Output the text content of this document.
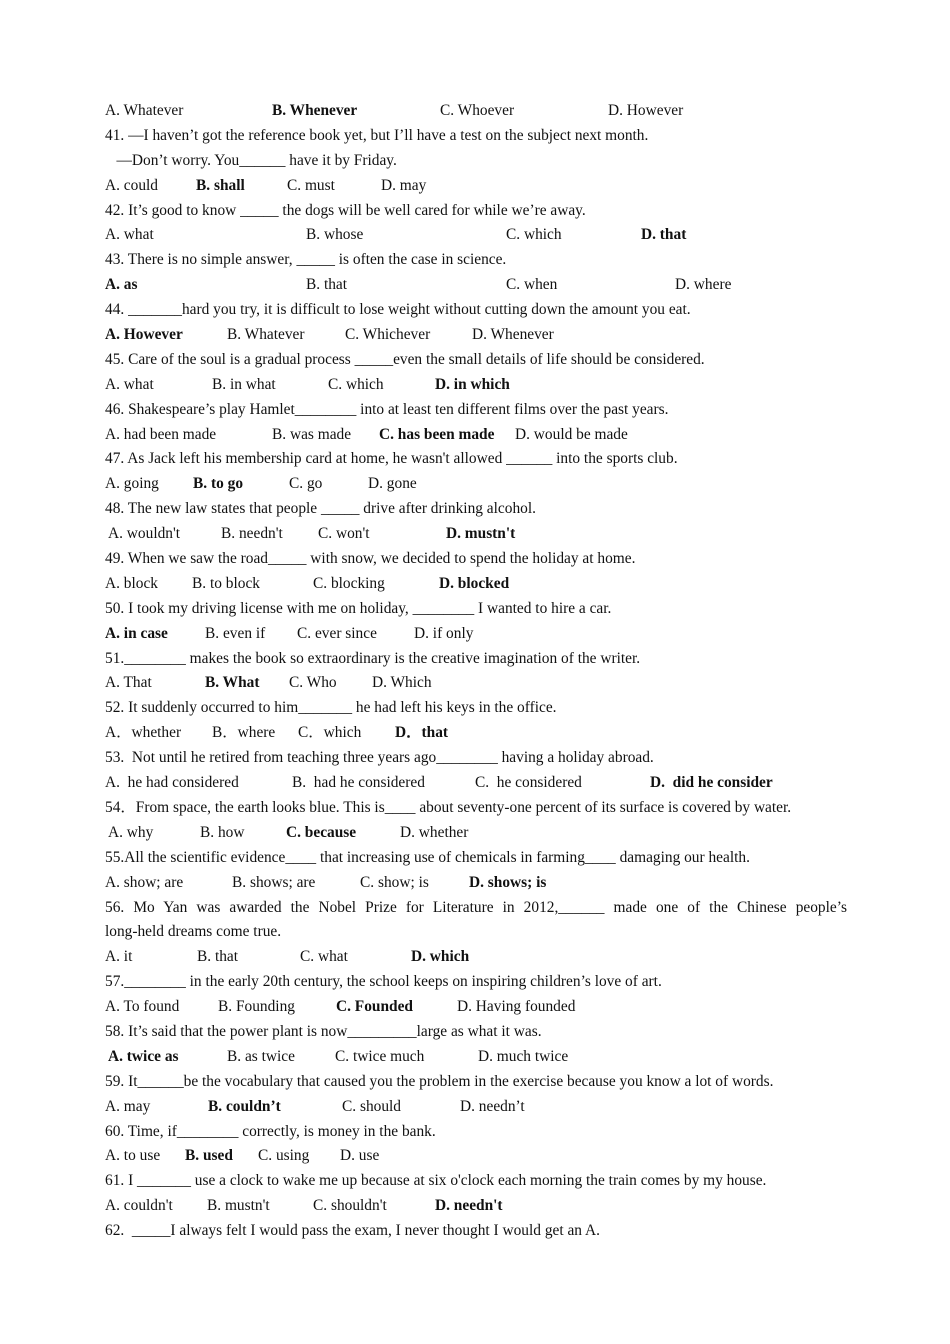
A. Whatever	B. Whenever	C. Whoever	D. However
41. —I haven’t got the reference book yet, but I’ll have a test on the subject next month.
—Don’t worry. You______ have it by Friday.
A. could B. shall	C. must	D. may
42. It’s good to know _____ the dogs will be well cared for while we’re away.
A. what	B. whose	C. which	D. that
43. There is no simple answer, _____ is often the case in science.
A. as	B. that	C. when	D. where
44. _______hard you try, it is difficult to lose weight without cutting down the amount you eat.
A. However	B. Whatever	C. Whichever	D. Whenever
45. Care of the soul is a gradual process _____even the small details of life should be considered.
A. what	B. in what	C. which	D. in which
46. Shakespeare’s play Hamlet________ into at least ten different films over the past years.
A. had been made	B. was made C. has been made D. would be made
47. As Jack left his membership card at home, he wasn't allowed ______ into the sports club.
A. going B. to go	C. go	D. gone
48. The new law states that people _____ drive after drinking alcohol.
A. wouldn't	B. needn't C. won't	D. mustn't
49. When we saw the road_____ with snow, we decided to spend the holiday at home.
A. block B. to block	C. blocking	D. blocked
50. I took my driving license with me on holiday, ________ I wanted to hire a car.
A. in case B. even if C. ever since D. if only
51.________ makes the book so extraordinary is the creative imagination of the writer.
A. That	B. What C. Who D. Which
52. It suddenly occurred to him_______ he had left his keys in the office.
A．whether B．where C．which D．that
53.  Not until he retired from teaching three years ago________ having a holiday abroad.
A.  he had considered	B.  had he considered	C.  he considered	D.  did he consider
54．From space, the earth looks blue. This is____ about seventy-one percent of its surface is covered by water.
A. why	B. how	C. because	D. whether
55.All the scientific evidence____ that increasing use of chemicals in farming____ damaging our health.
A. show; are	B. shows; are	C. show; is	D. shows; is
56. Mo Yan was awarded the Nobel Prize for Literature in 2012,______ made one of the Chinese people’s
long-held dreams come true.
A. it	B. that	C. what	D. which
57.________ in the early 20th century, the school keeps on inspiring children’s love of art.
A. To found	B. Founding	C. Founded	D. Having founded
58. It’s said that the power plant is now_________large as what it was.
A. twice as	B. as twice	C. twice much	D. much twice
59. It______be the vocabulary that caused you the problem in the exercise because you know a lot of words.
A. may	B. couldn’t	C. should	D. needn’t
60. Time, if________ correctly, is money in the bank.
A. to use B. used C. using D. use
61. I _______ use a clock to wake me up because at six o'clock each morning the train comes by my house.
A. couldn't B. mustn't	C. shouldn't	D. needn't
62.  _____I always felt I would pass the exam, I never thought I would get an A.
